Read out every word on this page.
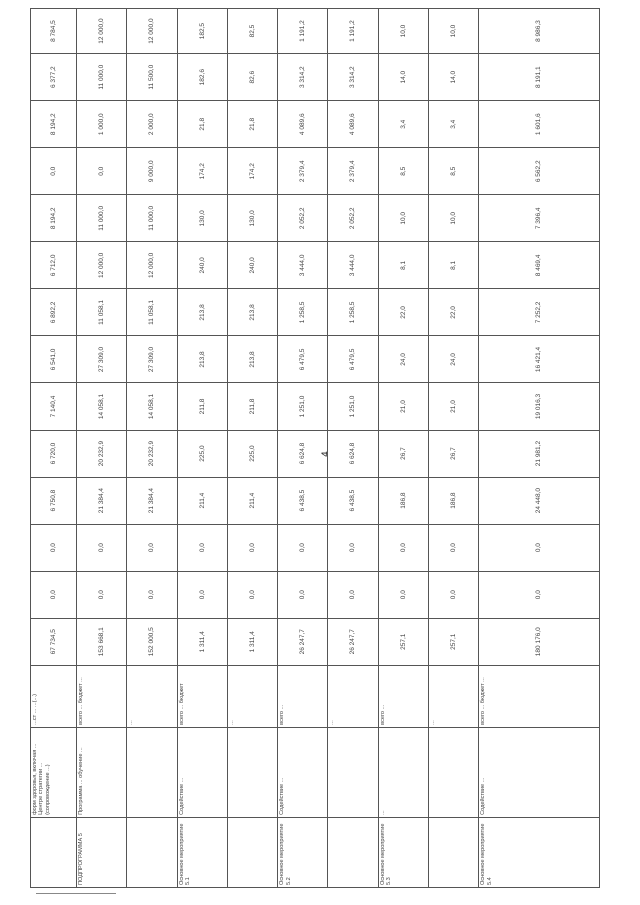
4
	форм здоровья, включая ... Центре стратегии ... (сопровождение ...)	...ст ... ...(...)	67 734,5	0,0	0,0	6 750,8	6 720,0	7 140,4	6 541,0	6 892,2	6 712,0	8 194,2	0,0	8 194,2	6 377,2	8 784,5
ПОДПРОГРАММА 5	Программа ... обучение ...	всего ... бюджет ...	153 668,1	0,0	0,0	21 384,4	20 232,9	14 058,1	27 309,0	11 058,1	12 000,0	11 000,0	0,0	1 000,0	11 000,0	12 000,0
		...	152 000,5	0,0	0,0	21 384,4	20 232,9	14 058,1	27 309,0	11 058,1	12 000,0	11 000,0	9 000,0	2 000,0	11 500,0	12 000,0
Основное мероприятие 5.1	Содействие ...	всего ... бюджет	1 311,4	0,0	0,0	211,4	225,0	211,8	213,8	213,8	240,0	130,0	174,2	21,8	182,6	182,5
		...	1 311,4	0,0	0,0	211,4	225,0	211,8	213,8	213,8	240,0	130,0	174,2	21,8	82,6	82,5
Основное мероприятие 5.2	Содействие ...	всего ...	26 247,7	0,0	0,0	6 438,5	6 624,8	1 251,0	6 479,5	1 258,5	3 444,0	2 052,2	2 379,4	4 089,6	3 314,2	1 191,2
		...	26 247,7	0,0	0,0	6 438,5	6 624,8	1 251,0	6 479,5	1 258,5	3 444,0	2 052,2	2 379,4	4 089,6	3 314,2	1 191,2
Основное мероприятие 5.3	...	всего ...	257,1	0,0	0,0	186,8	26,7	21,0	24,0	22,0	8,1	10,0	8,5	3,4	14,0	10,0
		...	257,1	0,0	0,0	186,8	26,7	21,0	24,0	22,0	8,1	10,0	8,5	3,4	14,0	10,0
Основное мероприятие 5.4	Содействие ...	всего ... бюджет ...	180 176,0	0,0	0,0	24 448,0	21 981,2	19 016,3	16 421,4	7 252,2	8 469,4	7 396,4	6 562,2	1 601,6	8 191,1	8 986,3
